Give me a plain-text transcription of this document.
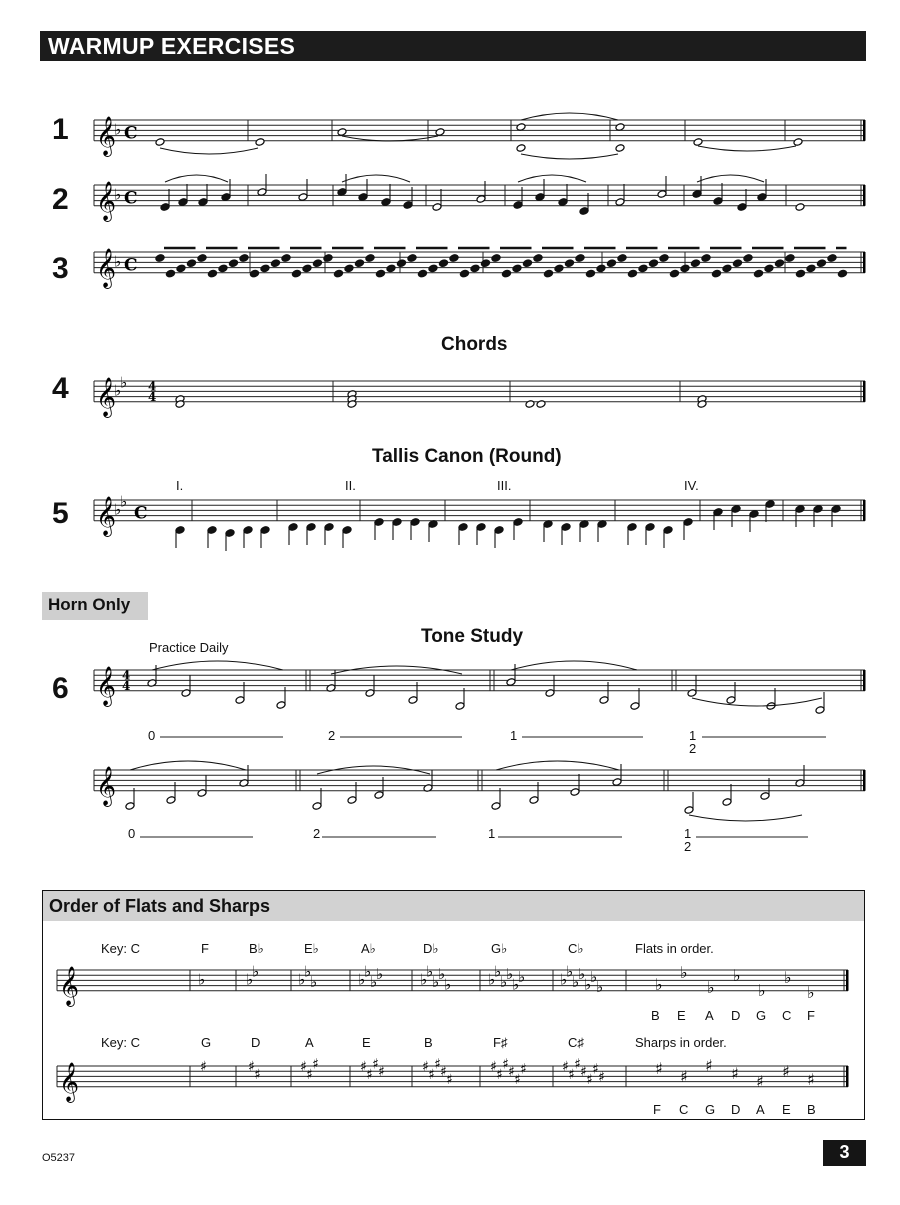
WARMUP EXERCISES
1
2
3
4
5
6
Chords
Tallis Canon (Round)
Tone Study
Practice Daily
I.	II.	III.	IV.
Horn Only
0	2	1	1
2
0	2	1	1
2
Order of Flats and Sharps
Key: C	F	B♭	E♭	A♭	D♭	G♭	C♭	Flats in order.
B E A D G C F
Key: C	G	D	A	E	B	F♯	C♯	Sharps in order.
F C G D A E B
O5237	3
𝄞
♭ C
𝄞
♭ C
𝄞
♭ C
𝄞
♭
♭ 4
4
𝄞
♭
♭
C
𝄞 4
4
𝄞
𝄞	♭	♭
♭	♭
♭
♭	♭
♭
♭
♭ ♭
♭
♭
♭
♭ ♭
♭
♭
♭
♭
♭ ♭
♭
♭
♭
♭
♭
♭	♭
♭
♭
♭
♭
♭
♭
𝄞	♯	♯ ♯	♯ ♯
♯	♯ ♯
♯ ♯	♯ ♯
♯ ♯ ♯
♯ ♯
♯ ♯ ♯
♯	♯ ♯
♯ ♯ ♯
♯ ♯	♯ ♯
♯ ♯ ♯
♯ ♯
